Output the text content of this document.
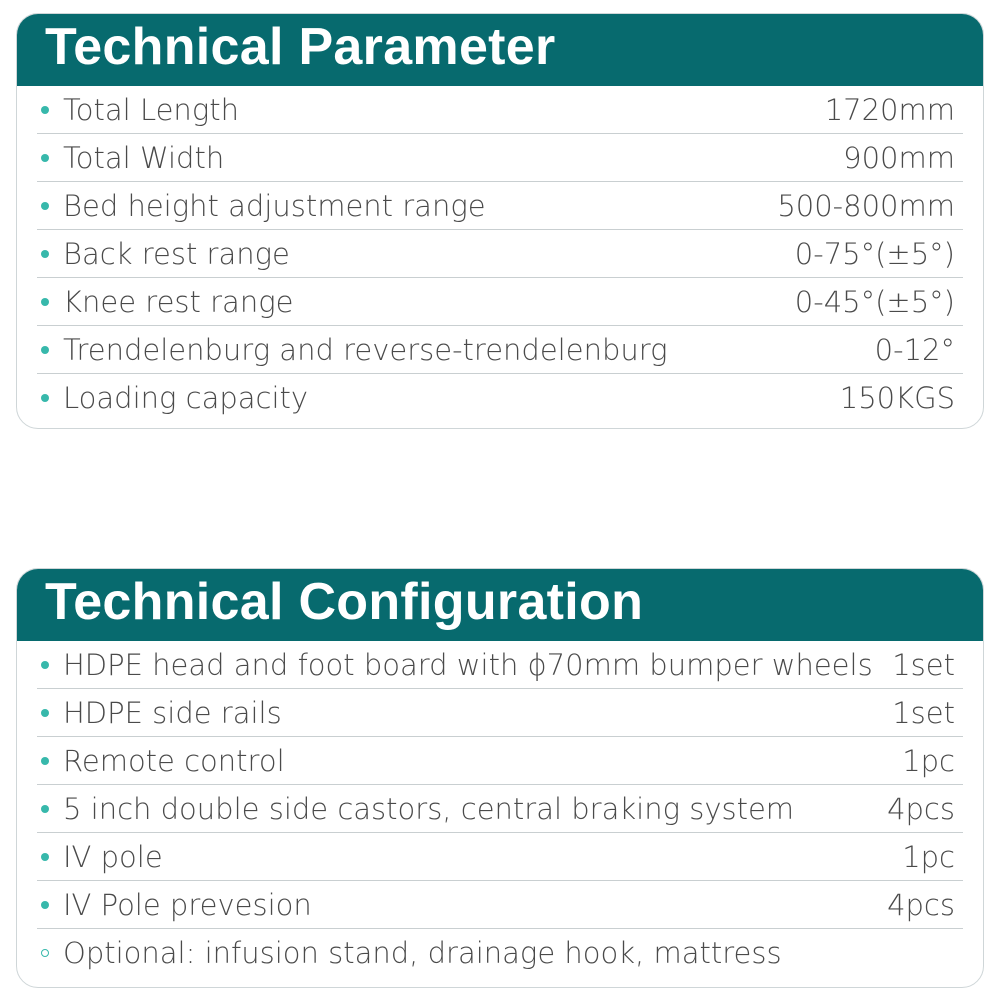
Technical Parameter
Total Length	1720mm
Total Width	900mm
Bed height adjustment range	500-800mm
Back rest range	0-75°(±5°)
Knee rest range	0-45°(±5°)
Trendelenburg and reverse-trendelenburg	0-12°
Loading capacity	150KGS
Technical Configuration
HDPE head and foot board with ϕ70mm bumper wheels 1set
HDPE side rails	1set
Remote control	1pc
5 inch double side castors, central braking system	4pcs
IV pole	1pc
IV Pole prevesion	4pcs
Optional: infusion stand, drainage hook, mattress
